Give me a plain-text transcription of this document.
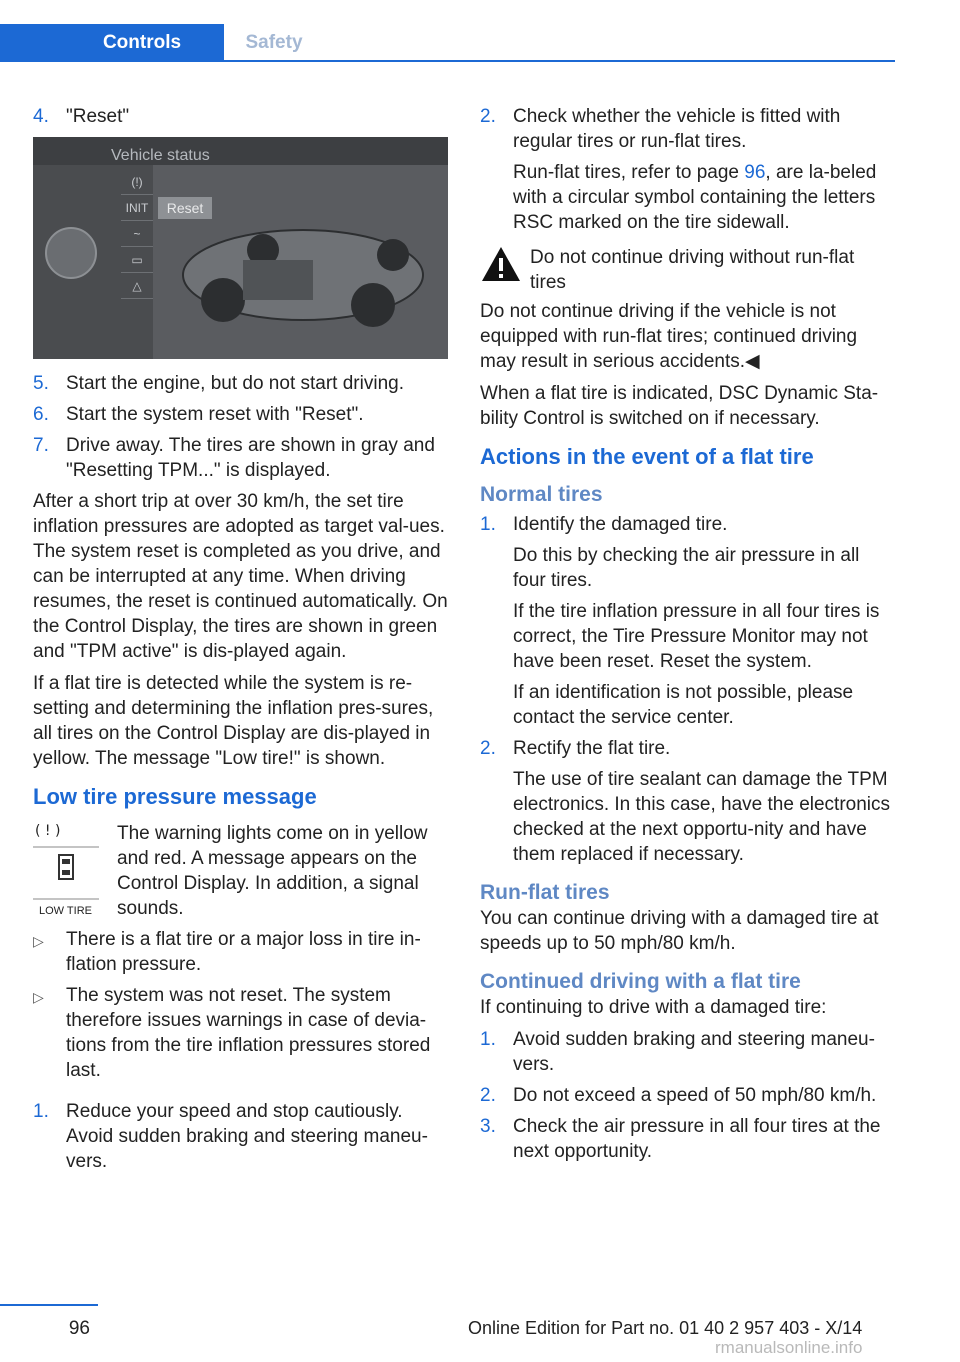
Controls	Safety
4. "Reset"
Vehicle status
(!)
INIT
~
▭
△
Reset
5. Start the engine, but do not start driving.
6. Start the system reset with "Reset".
7. Drive away. The tires are shown in gray and "Resetting TPM..." is displayed.

After a short trip at over 30 km/h, the set tire inflation pressures are adopted as target val‐ues. The system reset is completed as you drive, and can be interrupted at any time. When driving resumes, the reset is continued automatically. On the Control Display, the tires are shown in green and "TPM active" is dis‐played again.

If a flat tire is detected while the system is re‐setting and determining the inflation pres‐sures, all tires on the Control Display are dis‐played in yellow. The message "Low tire!" is shown.

Low tire pressure message
( ! )
$^{LOW TIRE}$

The warning lights come on in yellow and red. A message appears on the Control Display. In addition, a signal sounds.

▷	There is a flat tire or a major loss in tire in‐flation pressure.
▷	The system was not reset. The system therefore issues warnings in case of devia‐tions from the tire inflation pressures stored last.
1. Reduce your speed and stop cautiously. Avoid sudden braking and steering maneu‐vers.
2. Check whether the vehicle is fitted with regular tires or run-flat tires.

Run-flat tires, refer to page 96, are la‐beled with a circular symbol containing the letters RSC marked on the tire sidewall.

Do not continue driving without run-flat tires

Do not continue driving if the vehicle is not equipped with run-flat tires; continued driving may result in serious accidents.◀

When a flat tire is indicated, DSC Dynamic Sta‐bility Control is switched on if necessary.

Actions in the event of a flat tire
Normal tires
1. Identify the damaged tire.

Do this by checking the air pressure in all four tires.

If the tire inflation pressure in all four tires is correct, the Tire Pressure Monitor may not have been reset. Reset the system.

If an identification is not possible, please contact the service center.

2. Rectify the flat tire.

The use of tire sealant can damage the TPM electronics. In this case, have the electronics checked at the next opportu‐nity and have them replaced if necessary.

Run-flat tires

You can continue driving with a damaged tire at speeds up to 50 mph/80 km/h.

Continued driving with a flat tire

If continuing to drive with a damaged tire:

1. Avoid sudden braking and steering maneu‐vers.
2. Do not exceed a speed of 50 mph/80 km/h.
3. Check the air pressure in all four tires at the next opportunity.
96	Online Edition for Part no. 01 40 2 957 403 - X/14
rmanualsonline.info
